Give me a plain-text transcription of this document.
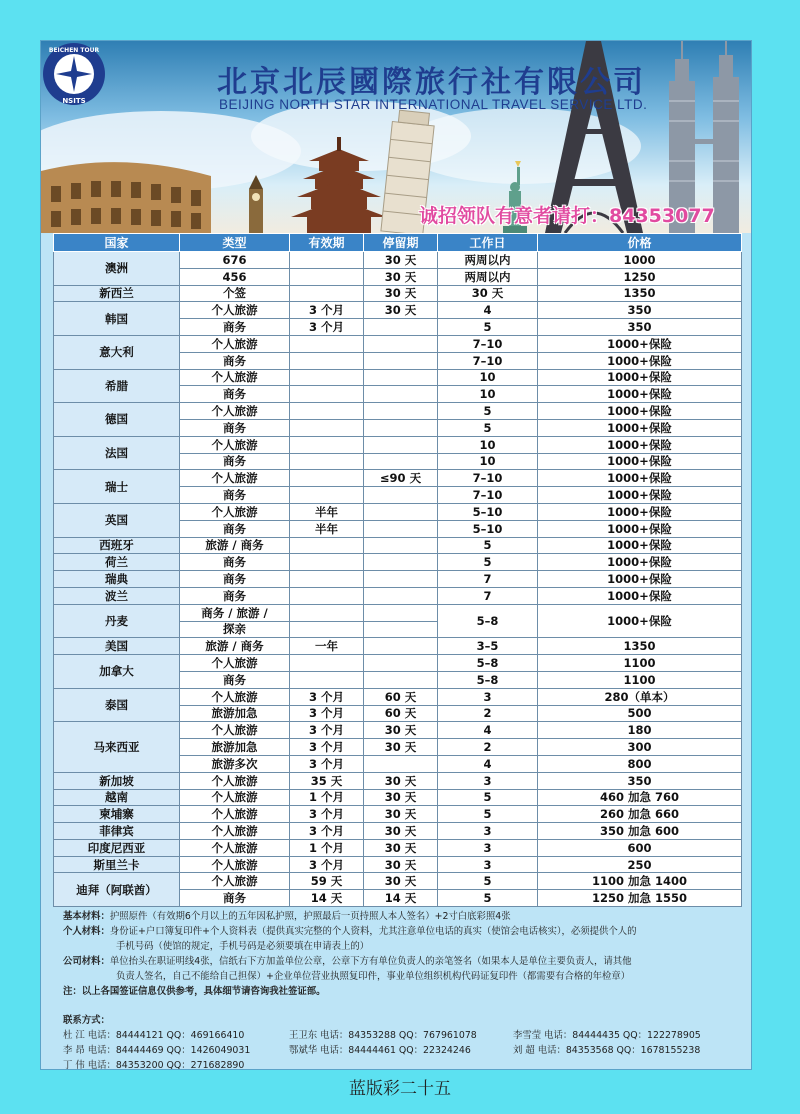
BEICHEN TOUR
NSITS
北京北辰國際旅行社有限公司
BEIJING NORTH STAR INTERNATIONAL TRAVEL SERVICE LTD.
诚招领队有意者请打：84353077
国家	类型	有效期	停留期	工作日	价格
澳洲	676		30 天	两周以内	1000
	456		30 天	两周以内	1250
新西兰	个签		30 天	30 天	1350
韩国	个人旅游	3 个月	30 天	4	350
	商务	3 个月		5	350
意大利	个人旅游			7–10	1000+保险
	商务			7–10	1000+保险
希腊	个人旅游			10	1000+保险
	商务			10	1000+保险
德国	个人旅游			5	1000+保险
	商务			5	1000+保险
法国	个人旅游			10	1000+保险
	商务			10	1000+保险
瑞士	个人旅游		≤90 天	7–10	1000+保险
	商务			7–10	1000+保险
英国	个人旅游	半年		5–10	1000+保险
	商务	半年		5–10	1000+保险
西班牙	旅游 / 商务			5	1000+保险
荷兰	商务			5	1000+保险
瑞典	商务			7	1000+保险
波兰	商务			7	1000+保险
丹麦	商务 / 旅游 /			5–8	1000+保险
	探亲				
美国	旅游 / 商务	一年		3–5	1350
加拿大	个人旅游			5–8	1100
	商务			5–8	1100
泰国	个人旅游	3 个月	60 天	3	280（单本）
	旅游加急	3 个月	60 天	2	500
马来西亚	个人旅游	3 个月	30 天	4	180
	旅游加急	3 个月	30 天	2	300
	旅游多次	3 个月		4	800
新加坡	个人旅游	35 天	30 天	3	350
越南	个人旅游	1 个月	30 天	5	460 加急 760
柬埔寨	个人旅游	3 个月	30 天	5	260 加急 660
菲律宾	个人旅游	3 个月	30 天	3	350 加急 600
印度尼西亚	个人旅游	1 个月	30 天	3	600
斯里兰卡	个人旅游	3 个月	30 天	3	250
迪拜（阿联酋）	个人旅游	59 天	30 天	5	1100 加急 1400
	商务	14 天	14 天	5	1250 加急 1550
基本材料：护照原件（有效期6个月以上的五年因私护照，护照最后一页持照人本人签名）+2寸白底彩照4张
个人材料：身份证+户口簿复印件+个人资料表（提供真实完整的个人资料，尤其注意单位电话的真实（使馆会电话核实），必须提供个人的
手机号码（使馆的规定，手机号码是必须要填在申请表上的）
公司材料：单位抬头在职证明线4张，信纸右下方加盖单位公章，公章下方有单位负责人的亲笔签名（如果本人是单位主要负责人，请其他
负责人签名，自己不能给自己担保）+企业单位营业执照复印件，事业单位组织机构代码证复印件（都需要有合格的年检章）
注：以上各国签证信息仅供参考，具体细节请咨询我社签证部。
联系方式：
杜 江 电话：84444121 QQ：469166410	王卫东 电话：84353288 QQ：767961078	李雪莹 电话：84444435 QQ：122278905
李 昂 电话：84444469 QQ：1426049031	鄂斌华 电话：84444461 QQ：22324246	刘 超 电话：84353568 QQ：1678155238
丁 伟 电话：84353200 QQ：271682890
蓝版彩二十五
